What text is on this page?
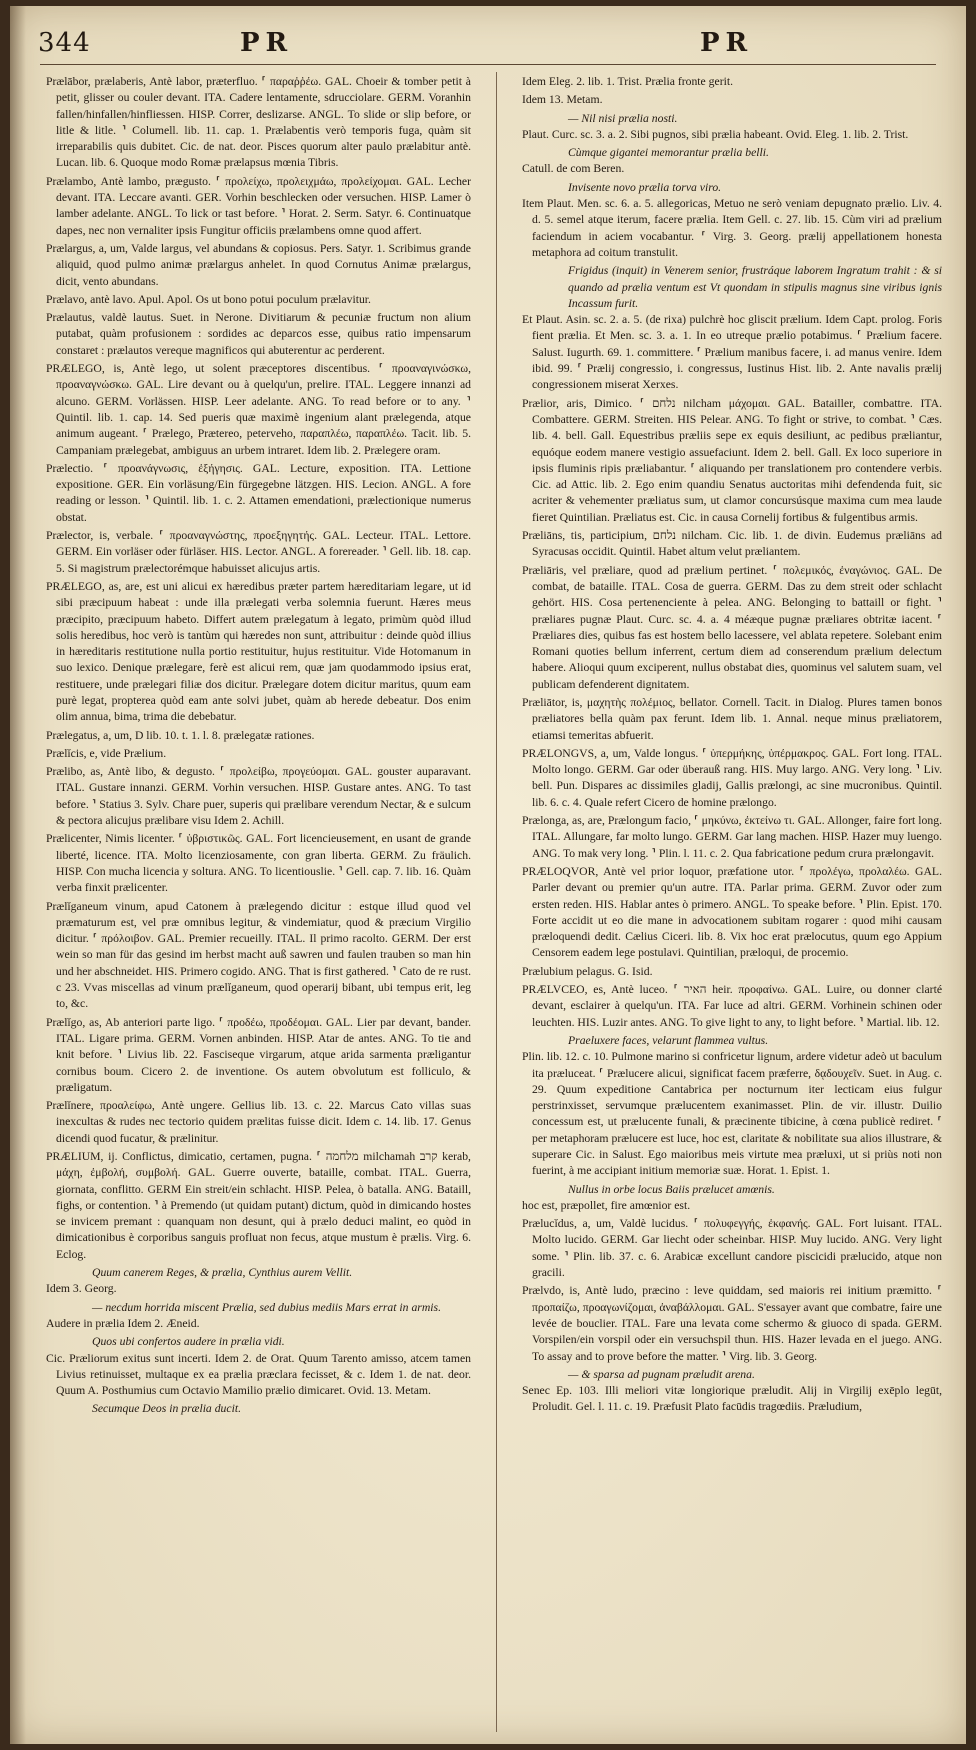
344	PR	PR

Prælābor, prælaberis, Antè labor, præterfluo. ⸢ παραῤῥέω. GAL. Choeir & tomber petit à petit, glisser ou couler devant. ITA. Cadere lentamente, sdrucciolare. GERM. Voranhin fallen/hinfallen/hinfliessen. HISP. Correr, deslizarse. ANGL. To slide or slip before, or litle & litle. ⸣ Columell. lib. 11. cap. 1. Prælabentis verò temporis fuga, quàm sit irreparabilis quis dubitet. Cic. de nat. deor. Pisces quorum alter paulo prælabitur antè. Lucan. lib. 6. Quoque modo Romæ prælapsus mœnia Tibris.

Prælambo, Antè lambo, prægusto. ⸢ προλείχω, προλειχμάω, προλείχομαι. GAL. Lecher devant. ITA. Leccare avanti. GER. Vorhin beschlecken oder versuchen. HISP. Lamer ò lamber adelante. ANGL. To lick or tast before. ⸣ Horat. 2. Serm. Satyr. 6. Continuatque dapes, nec non vernaliter ipsis Fungitur officiis prælambens omne quod affert.

Prælargus, a, um, Valde largus, vel abundans & copiosus. Pers. Satyr. 1. Scribimus grande aliquid, quod pulmo animæ prælargus anhelet. In quod Cornutus Animæ prælargus, dicit, vento abundans.

Prælavo, antè lavo. Apul. Apol. Os ut bono potui poculum prælavitur.

Prælautus, valdè lautus. Suet. in Nerone. Divitiarum & pecuniæ fructum non alium putabat, quàm profusionem : sordides ac deparcos esse, quibus ratio impensarum constaret : prælautos vereque magnificos qui abuterentur ac perderent.

PRÆLEGO, is, Antè lego, ut solent præceptores discentibus. ⸢ προαναγινώσκω, προαναγνώσκω. GAL. Lire devant ou à quelqu'un, prelire. ITAL. Leggere innanzi ad alcuno. GERM. Vorlässen. HISP. Leer adelante. ANG. To read before or to any. ⸣ Quintil. lib. 1. cap. 14. Sed pueris quæ maximè ingenium alant prælegenda, atque animum augeant. ⸢ Prælego, Prætereo, peterveho, παραπλέω, παραπλέω. Tacit. lib. 5. Campaniam prælegebat, ambiguus an urbem intraret. Idem lib. 2. Prælegere oram.

Prælectio. ⸢ προανάγνωσις, ἐξήγησις. GAL. Lecture, exposition. ITA. Lettione expositione. GER. Ein vorläsung/Ein fürgegebne lätzgen. HIS. Lecion. ANGL. A fore reading or lesson. ⸣ Quintil. lib. 1. c. 2. Attamen emendationi, prælectionique numerus obstat.

Prælector, is, verbale. ⸢ προαναγνώστης, προεξηγητής. GAL. Lecteur. ITAL. Lettore. GERM. Ein vorläser oder fürläser. HIS. Lector. ANGL. A forereader. ⸣ Gell. lib. 18. cap. 5. Si magistrum prælectorémque habuisset alicujus artis.

PRÆLEGO, as, are, est uni alicui ex hæredibus præter partem hæreditariam legare, ut id sibi præcipuum habeat : unde illa prælegati verba solemnia fuerunt. Hæres meus præcipito, præcipuum habeto. Differt autem prælegatum à legato, primùm quòd illud solis heredibus, hoc verò is tantùm qui hæredes non sunt, attribuitur : deinde quòd illius in hæreditaris restitutione nulla portio restituitur, hujus restituitur. Vide Hotomanum in suo lexico. Denique prælegare, ferè est alicui rem, quæ jam quodammodo ipsius erat, restituere, unde prælegari filiæ dos dicitur. Prælegare dotem dicitur maritus, quum eam purè legat, propterea quòd eam ante solvi jubet, quàm ab herede debeatur. Dos enim olim annua, bima, trima die debebatur.

Prælegatus, a, um, D lib. 10. t. 1. l. 8. prælegatæ rationes.

Prælĭcis, e, vide Prælium.

Prælibo, as, Antè libo, & degusto. ⸢ προλείβω, προγεύομαι. GAL. gouster auparavant. ITAL. Gustare innanzi. GERM. Vorhin versuchen. HISP. Gustare antes. ANG. To tast before. ⸣ Statius 3. Sylv. Chare puer, superis qui prælibare verendum Nectar, & e sulcum & pectora alicujus prælibare visu Idem 2. Achill.

Prælicenter, Nimis licenter. ⸢ ὑβριστικῶς. GAL. Fort licencieusement, en usant de grande liberté, licence. ITA. Molto licenziosamente, con gran liberta. GERM. Zu fräulich. HISP. Con mucha licencia y soltura. ANG. To licentiouslie. ⸣ Gell. cap. 7. lib. 16. Quàm verba finxit prælicenter.

Prælĭganeum vinum, apud Catonem à prælegendo dicitur : estque illud quod vel præmaturum est, vel præ omnibus legitur, & vindemiatur, quod & præcium Virgilio dicitur. ⸢ πρόλοιβον. GAL. Premier recueilly. ITAL. Il primo racolto. GERM. Der erst wein so man für das gesind im herbst macht auß sawren und faulen trauben so man hin und her abschneidet. HIS. Primero cogido. ANG. That is first gathered. ⸣ Cato de re rust. c 23. Vvas miscellas ad vinum prælĭganeum, quod operarij bibant, ubi tempus erit, leg to, &c.

Prælĭgo, as, Ab anteriori parte ligo. ⸢ προδέω, προδέομαι. GAL. Lier par devant, bander. ITAL. Ligare prima. GERM. Vornen anbinden. HISP. Atar de antes. ANG. To tie and knit before. ⸣ Livius lib. 22. Fasciseque virgarum, atque arida sarmenta præligantur cornibus boum. Cicero 2. de inventione. Os autem obvolutum est folliculo, & præligatum.

Prælĭnere, προαλείφω, Antè ungere. Gellius lib. 13. c. 22. Marcus Cato villas suas inexcultas & rudes nec tectorio quidem prælitas fuisse dicit. Idem c. 14. lib. 17. Genus dicendi quod fucatur, & prælinitur.

PRÆLIUM, ij. Conflictus, dimicatio, certamen, pugna. ⸢ מלחמה milchamah קרב kerab, μάχη, ἐμβολή, συμβολή. GAL. Guerre ouverte, bataille, combat. ITAL. Guerra, giornata, conflitto. GERM Ein streit/ein schlacht. HISP. Pelea, ò batalla. ANG. Bataill, fighs, or contention. ⸣ à Premendo (ut quidam putant) dictum, quòd in dimicando hostes se invicem premant : quanquam non desunt, qui à prælo deduci malint, eo quòd in dimicationibus è corporibus sanguis profluat non fecus, atque mustum è prælis. Virg. 6. Eclog.

Quum canerem Reges, & prælia, Cynthius aurem Vellit.

Idem 3. Georg.

— necdum horrida miscent Prælia, sed dubius mediis Mars errat in armis.

Audere in prælia Idem 2. Æneid.

Quos ubi confertos audere in prælia vidi.

Cic. Præliorum exitus sunt incerti. Idem 2. de Orat. Quum Tarento amisso, atcem tamen Livius retinuisset, multaque ex ea prælia præclara fecisset, & c. Idem 1. de nat. deor. Quum A. Posthumius cum Octavio Mamilio prælio dimicaret. Ovid. 13. Metam.

Secumque Deos in prælia ducit.

Idem Eleg. 2. lib. 1. Trist. Prælia fronte gerit.

Idem 13. Metam.

— Nil nisi prælia nosti.

Plaut. Curc. sc. 3. a. 2. Sibi pugnos, sibi prælia habeant. Ovid. Eleg. 1. lib. 2. Trist.

Cùmque gigantei memorantur prælia belli.

Catull. de com Beren.

Invisente novo prælia torva viro.

Item Plaut. Men. sc. 6. a. 5. allegoricas, Metuo ne serò veniam depugnato prælio. Liv. 4. d. 5. semel atque iterum, facere prælia. Item Gell. c. 27. lib. 15. Cùm viri ad prælium faciendum in aciem vocabantur. ⸢ Virg. 3. Georg. prælij appellationem honesta metaphora ad coitum transtulit.

Frigidus (inquit) in Venerem senior, frustráque laborem Ingratum trahit : & si quando ad prælia ventum est Vt quondam in stipulis magnus sine viribus ignis Incassum furit.

Et Plaut. Asin. sc. 2. a. 5. (de rixa) pulchrè hoc gliscit prælium. Idem Capt. prolog. Foris fient prælia. Et Men. sc. 3. a. 1. In eo utreque prælio potabimus. ⸢ Prælium facere. Salust. Iugurth. 69. 1. committere. ⸢ Prælium manibus facere, i. ad manus venire. Idem ibid. 99. ⸢ Prælij congressio, i. congressus, Iustinus Hist. lib. 2. Ante navalis prælij congressionem miserat Xerxes.

Prælior, aris, Dimico. ⸢ נלחם nilcham μάχομαι. GAL. Batailler, combattre. ITA. Combattere. GERM. Streiten. HIS Pelear. ANG. To fight or strive, to combat. ⸣ Cæs. lib. 4. bell. Gall. Equestribus præliis sepe ex equis desiliunt, ac pedibus præliantur, equóque eodem manere vestigio assuefaciunt. Idem 2. bell. Gall. Ex loco superiore in ipsis fluminis ripis præliabantur. ⸢ aliquando per translationem pro contendere verbis. Cic. ad Attic. lib. 2. Ego enim quandiu Senatus auctoritas mihi defendenda fuit, sic acriter & vehementer præliatus sum, ut clamor concursúsque maxima cum mea laude fieret Quintilian. Præliatus est. Cic. in causa Cornelij fortibus & fulgentibus armis.

Præliāns, tis, participium, נלחם nilcham. Cic. lib. 1. de divin. Eudemus præliāns ad Syracusas occidit. Quintil. Habet altum velut præliantem.

Præliāris, vel præliare, quod ad prælium pertinet. ⸢ πολεμικός, ἐναγώνιος. GAL. De combat, de bataille. ITAL. Cosa de guerra. GERM. Das zu dem streit oder schlacht gehört. HIS. Cosa pertenenciente à pelea. ANG. Belonging to battaill or fight. ⸣ præliares pugnæ Plaut. Curc. sc. 4. a. 4 méæque pugnæ præliares obtritæ iacent. ⸢ Præliares dies, quibus fas est hostem bello lacessere, vel ablata repetere. Solebant enim Romani quoties bellum inferrent, certum diem ad conserendum prælium delectum habere. Alioqui quum exciperent, nullus obstabat dies, quominus vel salutem suam, vel publicam defenderent dignitatem.

Præliātor, is, μαχητὴς πολέμιος, bellator. Cornell. Tacit. in Dialog. Plures tamen bonos præliatores bella quàm pax ferunt. Idem lib. 1. Annal. neque minus præliatorem, etiamsi temeritas abfuerit.

PRÆLONGVS, a, um, Valde longus. ⸢ ὑπερμήκης, ὑπέρμακρος. GAL. Fort long. ITAL. Molto longo. GERM. Gar oder überauß rang. HIS. Muy largo. ANG. Very long. ⸣ Liv. bell. Pun. Dispares ac dissimiles gladij, Gallis prælongi, ac sine mucronibus. Quintil. lib. 6. c. 4. Quale refert Cicero de homine prælongo.

Prælonga, as, are, Prælongum facio, ⸢ μηκύνω, ἐκτείνω τι. GAL. Allonger, faire fort long. ITAL. Allungare, far molto lungo. GERM. Gar lang machen. HISP. Hazer muy luengo. ANG. To mak very long. ⸣ Plin. l. 11. c. 2. Qua fabricatione pedum crura prælongavit.

PRÆLOQVOR, Antè vel prior loquor, præfatione utor. ⸢ προλέγω, προλαλέω. GAL. Parler devant ou premier qu'un autre. ITA. Parlar prima. GERM. Zuvor oder zum ersten reden. HIS. Hablar antes ò primero. ANGL. To speake before. ⸣ Plin. Epist. 170. Forte accidit ut eo die mane in advocationem subitam rogarer : quod mihi causam præloquendi dedit. Cælius Ciceri. lib. 8. Vix hoc erat prælocutus, quum ego Appium Censorem eadem lege postulavi. Quintilian, præloqui, de procemio.

Prælubium pelagus. G. Isid.

PRÆLVCEO, es, Antè luceo. ⸢ האיר heir. προφαίνω. GAL. Luire, ou donner clarté devant, esclairer à quelqu'un. ITA. Far luce ad altri. GERM. Vorhinein schinen oder leuchten. HIS. Luzir antes. ANG. To give light to any, to light before. ⸣ Martial. lib. 12.

Praeluxere faces, velarunt flammea vultus.

Plin. lib. 12. c. 10. Pulmone marino si confricetur lignum, ardere videtur adeò ut baculum ita præluceat. ⸢ Prælucere alicui, significat facem præferre, δᾳδουχεῖν. Suet. in Aug. c. 29. Quum expeditione Cantabrica per nocturnum iter lecticam eius fulgur perstrinxisset, servumque prælucentem exanimasset. Plin. de vir. illustr. Duilio concessum est, ut prælucente funali, & præcinente tibicine, à cœna publicè rediret. ⸢ per metaphoram prælucere est luce, hoc est, claritate & nobilitate sua alios illustrare, & superare Cic. in Salust. Ego maioribus meis virtute mea præluxi, ut si priùs noti non fuerint, à me accipiant initium memoriæ suæ. Horat. 1. Epist. 1.

Nullus in orbe locus Baiis prælucet amœnis.

hoc est, præpollet, fire amœnior est.

Prælucĭdus, a, um, Valdè lucidus. ⸢ πολυφεγγής, ἐκφανής. GAL. Fort luisant. ITAL. Molto lucido. GERM. Gar liecht oder scheinbar. HISP. Muy lucido. ANG. Very light some. ⸣ Plin. lib. 37. c. 6. Arabicæ excellunt candore piscicidi prælucido, atque non gracili.

Prælvdo, is, Antè ludo, præcino : leve quiddam, sed maioris rei initium præmitto. ⸢ προπαίζω, προαγωνίζομαι, ἀναβάλλομαι. GAL. S'essayer avant que combatre, faire une levée de bouclier. ITAL. Fare una levata come schermo & giuoco di spada. GERM. Vorspilen/ein vorspil oder ein versuchspil thun. HIS. Hazer levada en el juego. ANG. To assay and to prove before the matter. ⸣ Virg. lib. 3. Georg.

— & sparsa ad pugnam præludit arena.

Senec Ep. 103. Illi meliori vitæ longiorique præludit. Alij in Virgilij exēplo legūt, Proludit. Gel. l. 11. c. 19. Præfusit Plato facūdis tragœdiis. Præludium,
